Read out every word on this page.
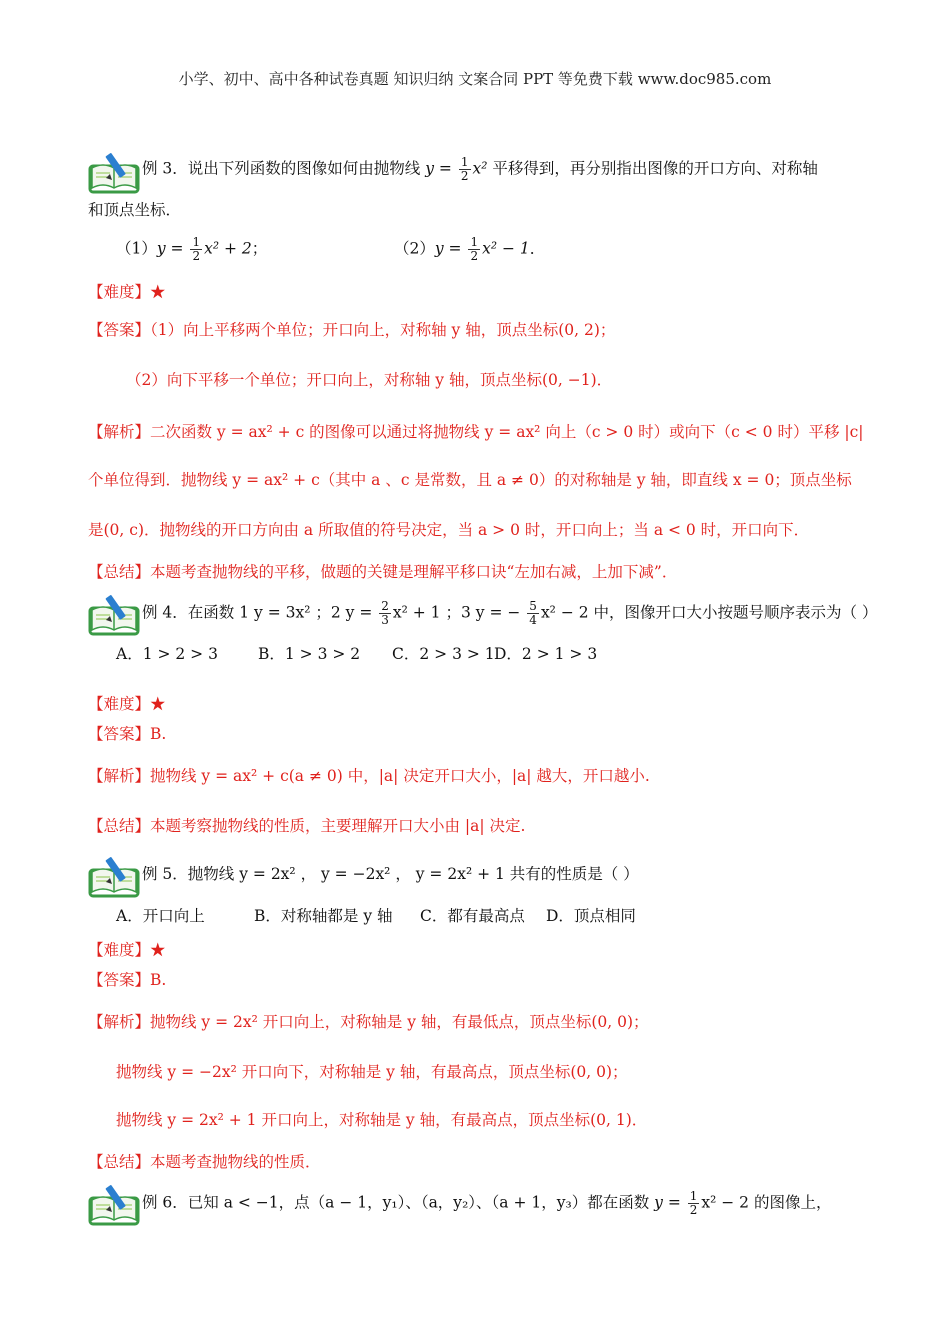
小学、初中、高中各种试卷真题 知识归纳 文案合同 PPT 等免费下载 www.doc985.com
例 3．说出下列函数的图像如何由抛物线 $y = \frac{1}{2} x^2$ 平移得到，再分别指出图像的开口方向、对称轴
和顶点坐标．
$(1)y = \frac{1}{2} x^2 + 2$；	$(2)y = \frac{1}{2} x^2 - 1$．
【难度】★
【答案】（1）向上平移两个单位；开口向上，对称轴 y 轴，顶点坐标(0, 2)；
（2）向下平移一个单位；开口向上，对称轴 y 轴，顶点坐标(0, −1)．
【解析】二次函数 y = ax² + c 的图像可以通过将抛物线 y = ax² 向上（c > 0 时）或向下（c < 0 时）平移 |c|
个单位得到．抛物线 y = ax² + c（其中 a 、c 是常数，且 a ≠ 0）的对称轴是 y 轴，即直线 x = 0；顶点坐标
是(0, c)．抛物线的开口方向由 a 所取值的符号决定，当 a > 0 时，开口向上；当 a < 0 时，开口向下．
【总结】本题考查抛物线的平移，做题的关键是理解平移口诀“左加右减，上加下减”．
例 4．在函数 1 y = 3x² ；2 $y = \frac{2}{3} x^2 + 1$ ；3 y = − $\frac{5}{4} x^2 - 2$ 中，图像开口大小按题号顺序表示为（ ）
A．1 > 2 > 3	B．1 > 3 > 2 C．2 > 3 > 1D．2 > 1 > 3
【难度】★
【答案】B.
【解析】抛物线 y = ax² + c(a ≠ 0) 中，|a| 决定开口大小，|a| 越大，开口越小.
【总结】本题考察抛物线的性质，主要理解开口大小由 |a| 决定.
例 5．抛物线 y = 2x² ， y = −2x² ， y = 2x² + 1 共有的性质是（ ）
A．开口向上	B．对称轴都是 y 轴 C．都有最高点 D．顶点相同
【难度】★
【答案】B.
【解析】抛物线 y = 2x² 开口向上，对称轴是 y 轴，有最低点，顶点坐标(0, 0)；
抛物线 y = −2x² 开口向下，对称轴是 y 轴，有最高点，顶点坐标(0, 0)；
抛物线 y = 2x² + 1 开口向上，对称轴是 y 轴，有最高点，顶点坐标(0, 1)．
【总结】本题考查抛物线的性质．
例 6．已知 a < −1，点（a − 1，y₁）、（a，y₂）、（a + 1，y₃）都在函数 $y = \frac{1}{2} x^2 - 2$ 的图像上，
